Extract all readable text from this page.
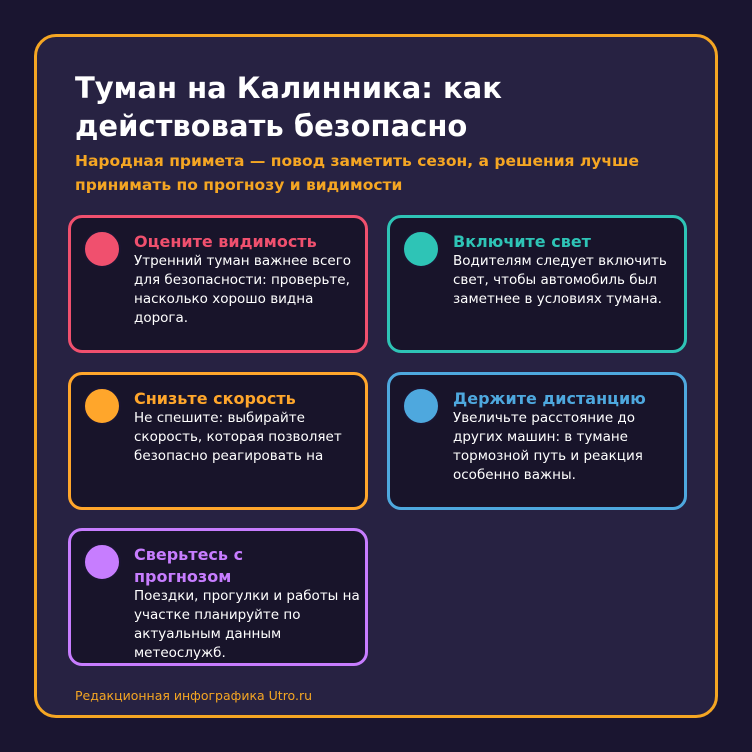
Туман на Калинника: как действовать безопасно

Народная примета — повод заметить сезон, а решения лучше принимать по прогнозу и видимости

Оцените видимость
Утренний туман важнее всего для безопасности: проверьте, насколько хорошо видна дорога.
Включите свет
Водителям следует включить свет, чтобы автомобиль был заметнее в условиях тумана.
Снизьте скорость
Не спешите: выбирайте скорость, которая позволяет безопасно реагировать на
Держите дистанцию
Увеличьте расстояние до других машин: в тумане тормозной путь и реакция особенно важны.
Сверьтесь с прогнозом
Поездки, прогулки и работы на участке планируйте по актуальным данным метеослужб.
Редакционная инфографика Utro.ru
